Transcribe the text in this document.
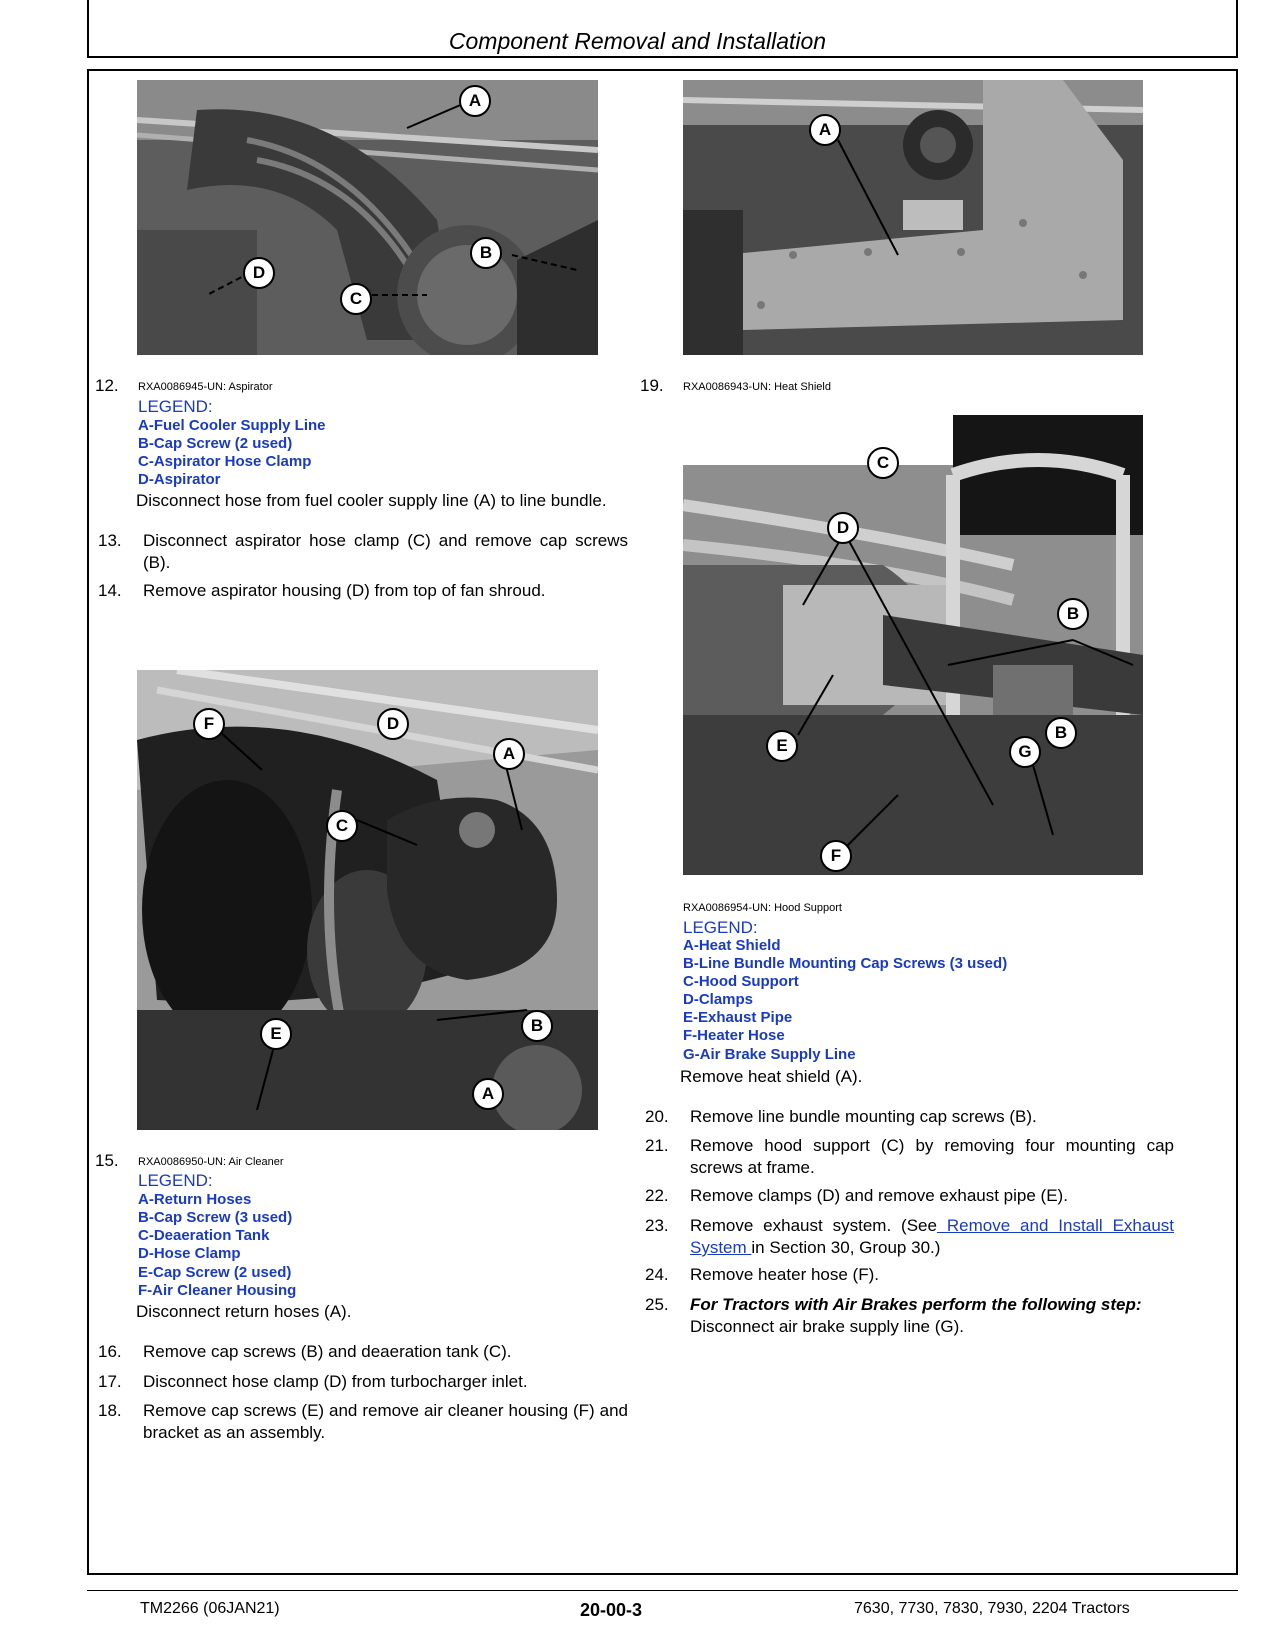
Component Removal and Installation
A
B
C
D
A
F	D
A
C
E	B
A
C
D
B
E	G
B
F
12. RXA0086945-UN: Aspirator
LEGEND:
A-Fuel Cooler Supply Line
B-Cap Screw (2 used)
C-Aspirator Hose Clamp
D-Aspirator
Disconnect hose from fuel cooler supply line (A) to line bundle.
13. Disconnect aspirator hose clamp (C) and remove cap screws (B).
14. Remove aspirator housing (D) from top of fan shroud.
15. RXA0086950-UN: Air Cleaner
LEGEND:
A-Return Hoses
B-Cap Screw (3 used)
C-Deaeration Tank
D-Hose Clamp
E-Cap Screw (2 used)
F-Air Cleaner Housing
Disconnect return hoses (A).
16. Remove cap screws (B) and deaeration tank (C).
17. Disconnect hose clamp (D) from turbocharger inlet.
18. Remove cap screws (E) and remove air cleaner housing (F) and bracket as an assembly.
19. RXA0086943-UN: Heat Shield
RXA0086954-UN: Hood Support
LEGEND:
A-Heat Shield
B-Line Bundle Mounting Cap Screws (3 used)
C-Hood Support
D-Clamps
E-Exhaust Pipe
F-Heater Hose
G-Air Brake Supply Line
Remove heat shield (A).
20. Remove line bundle mounting cap screws (B).
21. Remove hood support (C) by removing four mounting cap screws at frame.
22. Remove clamps (D) and remove exhaust pipe (E).
23. Remove exhaust system. (See Remove and Install Exhaust System in Section 30, Group 30.)
24. Remove heater hose (F).
25. For Tractors with Air Brakes perform the following step:
Disconnect air brake supply line (G).
TM2266 (06JAN21)	20-00-3	7630, 7730, 7830, 7930, 2204 Tractors
